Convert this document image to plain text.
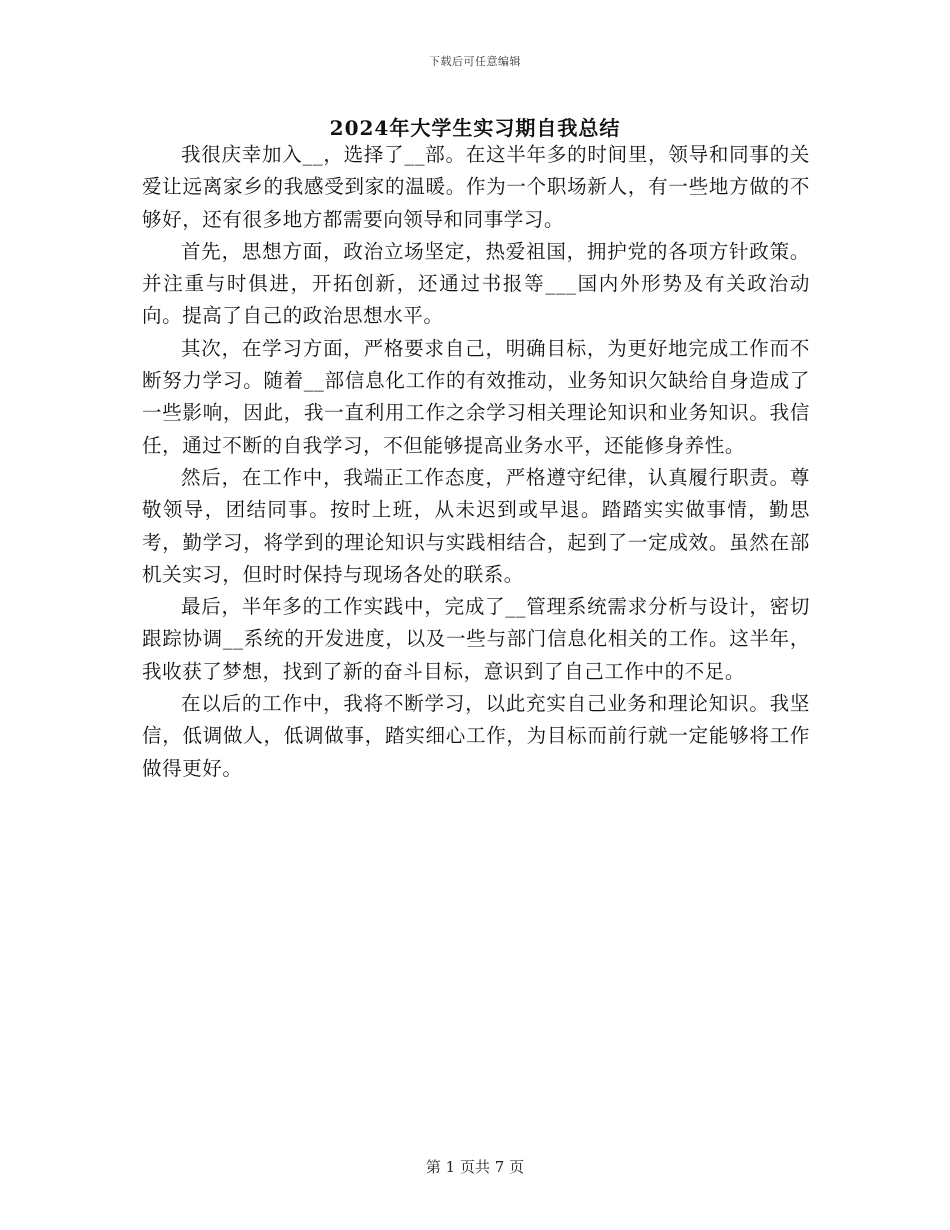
下载后可任意编辑
2024年大学生实习期自我总结

我很庆幸加入__，选择了__部。在这半年多的时间里，领导和同事的关爱让远离家乡的我感受到家的温暖。作为一个职场新人，有一些地方做的不够好，还有很多地方都需要向领导和同事学习。

首先，思想方面，政治立场坚定，热爱祖国，拥护党的各项方针政策。并注重与时俱进，开拓创新，还通过书报等___国内外形势及有关政治动向。提高了自己的政治思想水平。

其次，在学习方面，严格要求自己，明确目标，为更好地完成工作而不断努力学习。随着__部信息化工作的有效推动，业务知识欠缺给自身造成了一些影响，因此，我一直利用工作之余学习相关理论知识和业务知识。我信任，通过不断的自我学习，不但能够提高业务水平，还能修身养性。

然后，在工作中，我端正工作态度，严格遵守纪律，认真履行职责。尊敬领导，团结同事。按时上班，从未迟到或早退。踏踏实实做事情，勤思考，勤学习，将学到的理论知识与实践相结合，起到了一定成效。虽然在部机关实习，但时时保持与现场各处的联系。

最后，半年多的工作实践中，完成了__管理系统需求分析与设计，密切跟踪协调__系统的开发进度，以及一些与部门信息化相关的工作。这半年，我收获了梦想，找到了新的奋斗目标，意识到了自己工作中的不足。

在以后的工作中，我将不断学习，以此充实自己业务和理论知识。我坚信，低调做人，低调做事，踏实细心工作，为目标而前行就一定能够将工作做得更好。

第 1 页共 7 页
